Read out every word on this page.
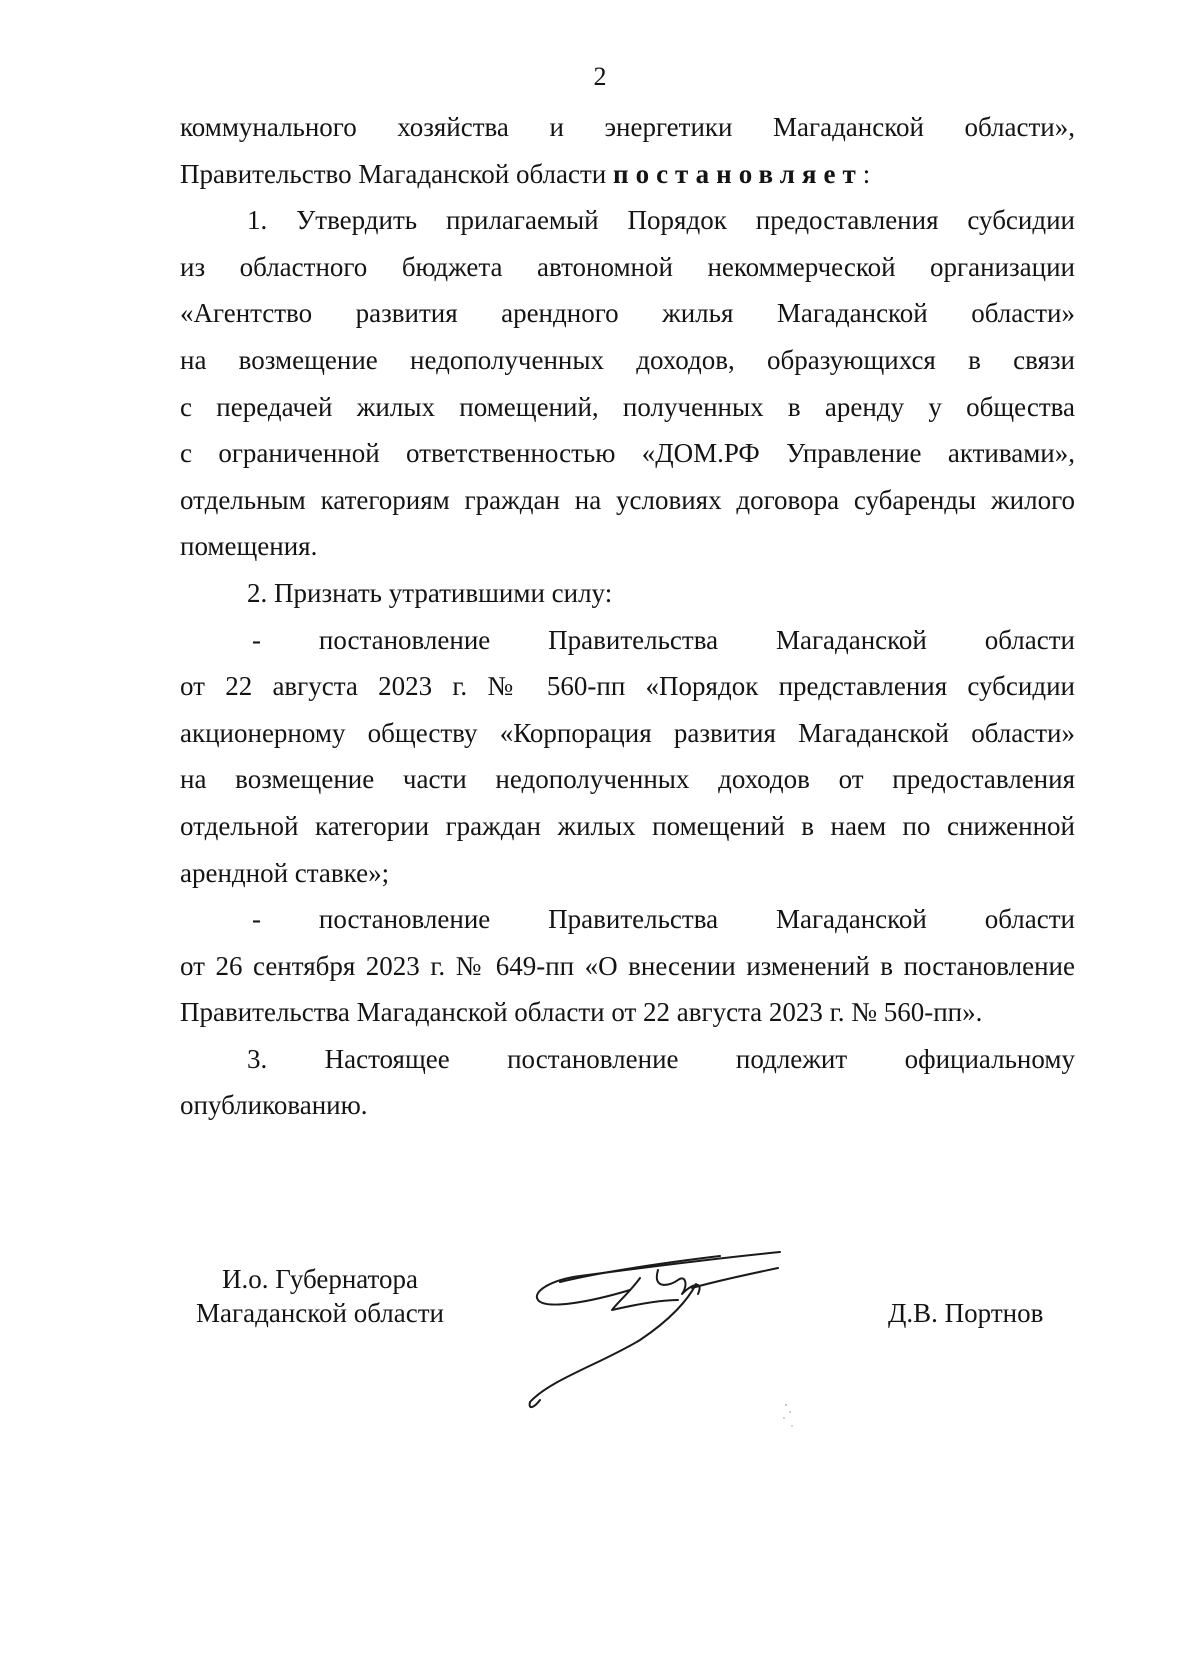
2
коммунального хозяйства и энергетики Магаданской области»,
Правительство Магаданской области постановляет:
1. Утвердить прилагаемый Порядок предоставления субсидии
из областного бюджета автономной некоммерческой организации
«Агентство развития арендного жилья Магаданской области»
на возмещение недополученных доходов, образующихся в связи
с передачей жилых помещений, полученных в аренду у общества
с ограниченной ответственностью «ДОМ.РФ Управление активами»,
отдельным категориям граждан на условиях договора субаренды жилого
помещения.
2. Признать утратившими силу:
- постановление Правительства Магаданской области
от 22 августа 2023 г. № 560-пп «Порядок представления субсидии
акционерному обществу «Корпорация развития Магаданской области»
на возмещение части недополученных доходов от предоставления
отдельной категории граждан жилых помещений в наем по сниженной
арендной ставке»;
- постановление Правительства Магаданской области
от 26 сентября 2023 г. № 649-пп «О внесении изменений в постановление
Правительства Магаданской области от 22 августа 2023 г. № 560-пп».
3. Настоящее постановление подлежит официальному
опубликованию.
И.о. Губернатора
Магаданской области	Д.В. Портнов
